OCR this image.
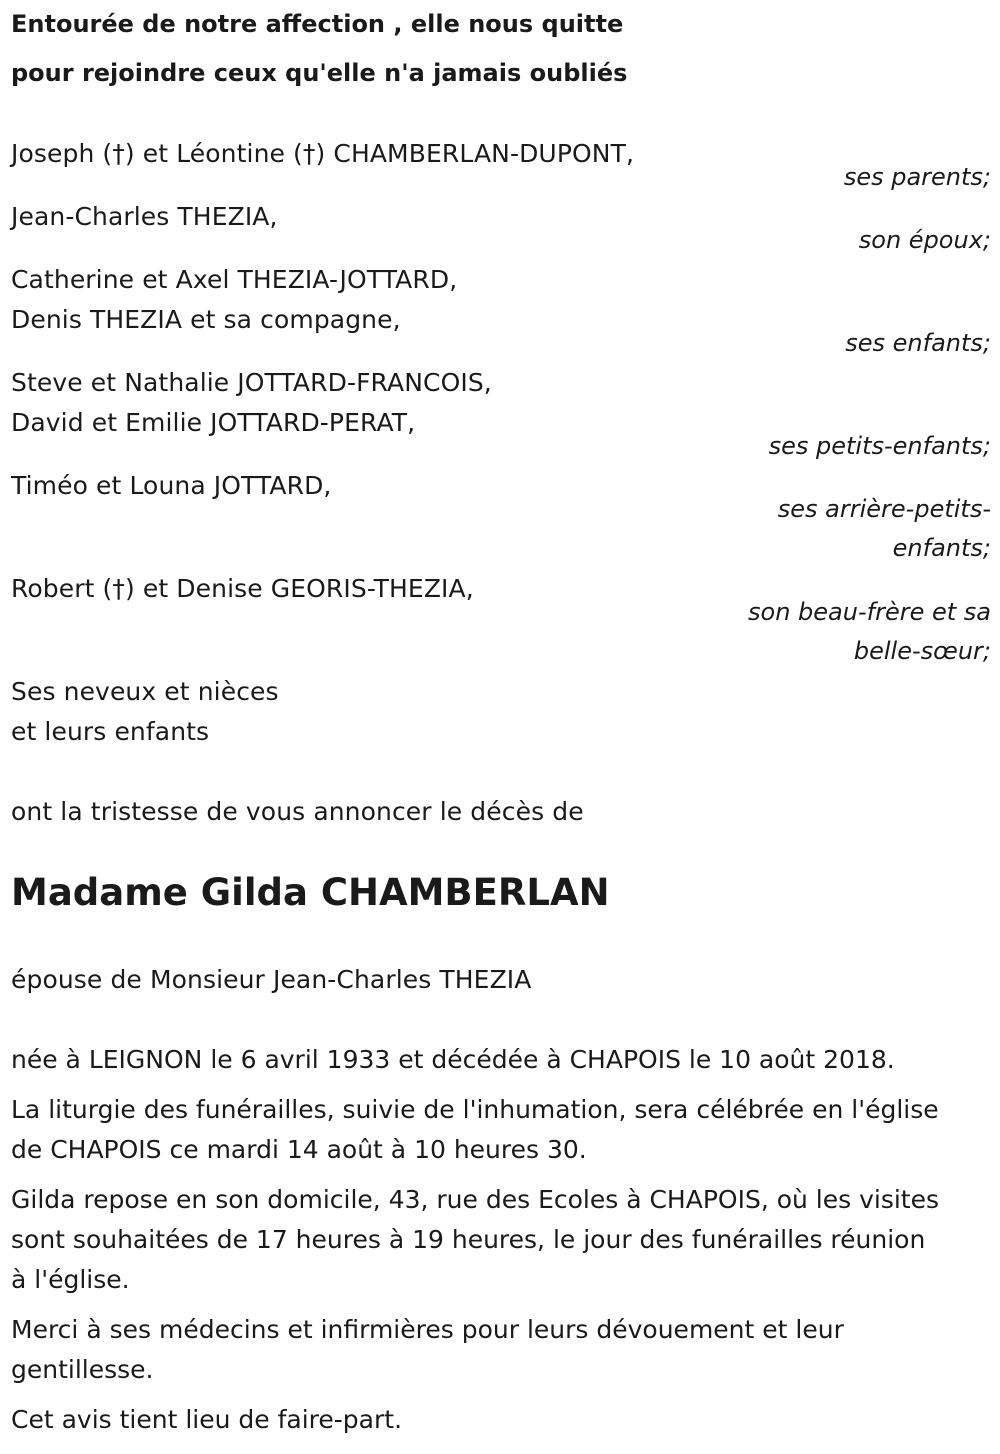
Entourée de notre affection , elle nous quitte
pour rejoindre ceux qu'elle n'a jamais oubliés
Joseph (†) et Léontine (†) CHAMBERLAN-DUPONT,
ses parents;
Jean-Charles THEZIA,
son époux;
Catherine et Axel THEZIA-JOTTARD,
Denis THEZIA et sa compagne,
ses enfants;
Steve et Nathalie JOTTARD-FRANCOIS,
David et Emilie JOTTARD-PERAT,
ses petits-enfants;
Timéo et Louna JOTTARD,
ses arrière-petits-
enfants;
Robert (†) et Denise GEORIS-THEZIA,
son beau-frère et sa
belle-sœur;
Ses neveux et nièces
et leurs enfants
ont la tristesse de vous annoncer le décès de
Madame Gilda CHAMBERLAN
épouse de Monsieur Jean-Charles THEZIA
née à LEIGNON le 6 avril 1933 et décédée à CHAPOIS le 10 août 2018.
La liturgie des funérailles, suivie de l'inhumation, sera célébrée en l'église
de CHAPOIS ce mardi 14 août à 10 heures 30.
Gilda repose en son domicile, 43, rue des Ecoles à CHAPOIS, où les visites
sont souhaitées de 17 heures à 19 heures, le jour des funérailles réunion
à l'église.
Merci à ses médecins et infirmières pour leurs dévouement et leur
gentillesse.
Cet avis tient lieu de faire-part.
